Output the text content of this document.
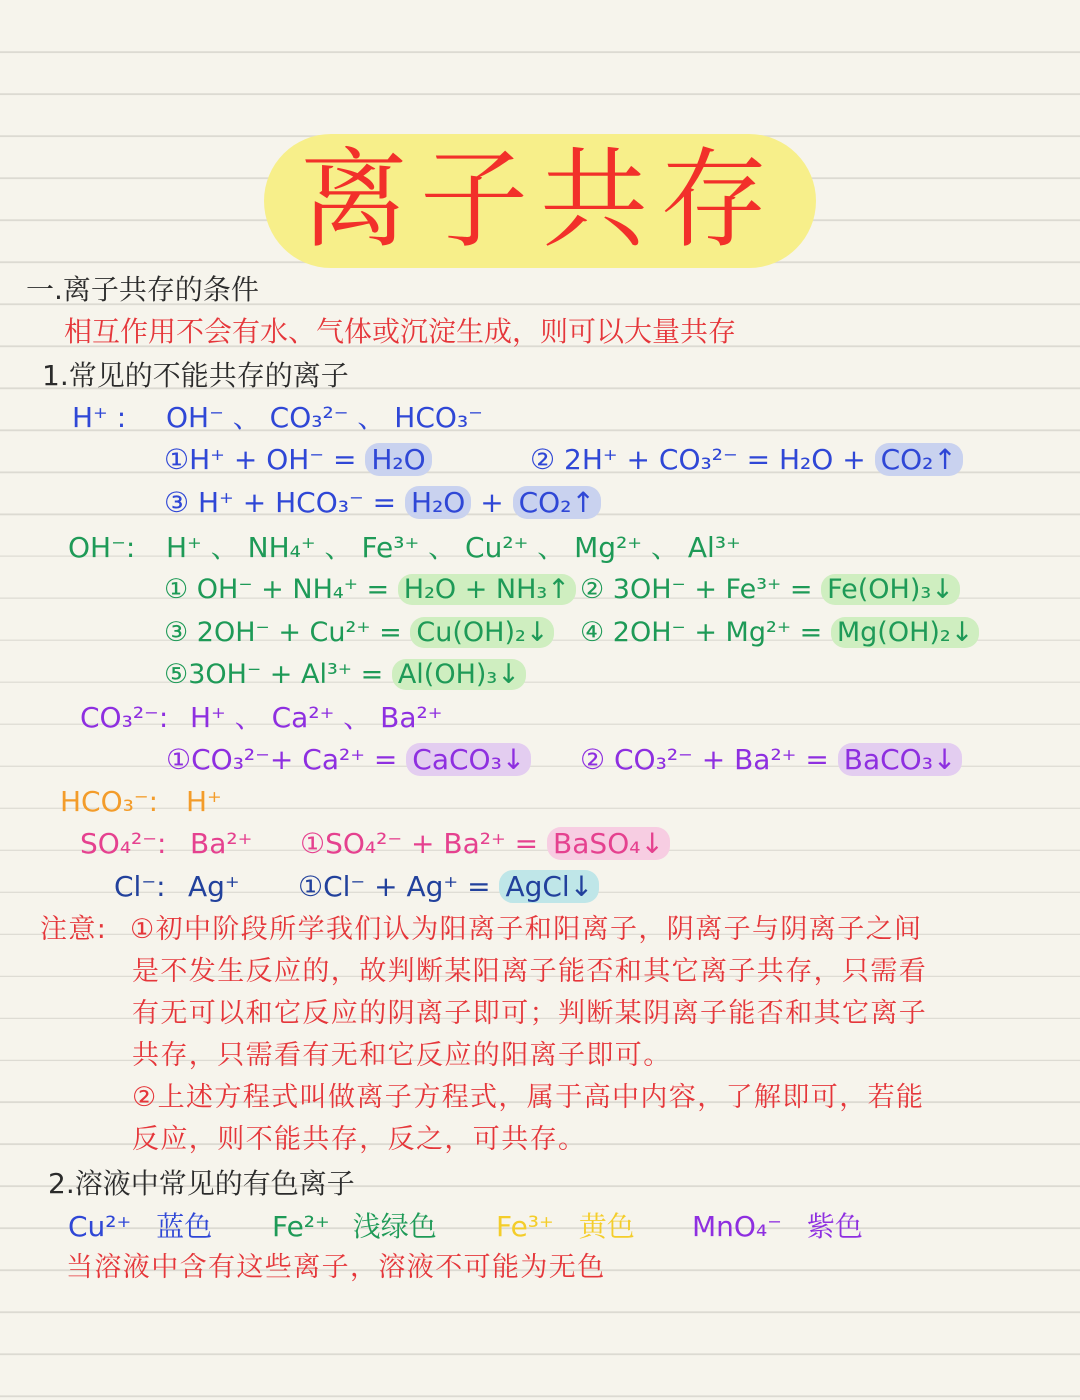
离子共存
一.离子共存的条件
相互作用不会有水、气体或沉淀生成，则可以大量共存
1.常见的不能共存的离子
H⁺ : OH⁻ 、 CO₃²⁻ 、 HCO₃⁻
①H⁺ + OH⁻ = H₂O	② 2H⁺ + CO₃²⁻ = H₂O + CO₂↑
③ H⁺ + HCO₃⁻ = H₂O + CO₂↑
OH⁻: H⁺ 、 NH₄⁺ 、 Fe³⁺ 、 Cu²⁺ 、 Mg²⁺ 、 Al³⁺
① OH⁻ + NH₄⁺ = H₂O + NH₃↑ ② 3OH⁻ + Fe³⁺ = Fe(OH)₃↓
③ 2OH⁻ + Cu²⁺ = Cu(OH)₂↓ ④ 2OH⁻ + Mg²⁺ = Mg(OH)₂↓
⑤3OH⁻ + Al³⁺ = Al(OH)₃↓
CO₃²⁻: H⁺ 、 Ca²⁺ 、 Ba²⁺
①CO₃²⁻+ Ca²⁺ = CaCO₃↓ ② CO₃²⁻ + Ba²⁺ = BaCO₃↓
HCO₃⁻: H⁺
SO₄²⁻: Ba²⁺ ①SO₄²⁻ + Ba²⁺ = BaSO₄↓
Cl⁻: Ag⁺ ①Cl⁻ + Ag⁺ = AgCl↓
注意: ①初中阶段所学我们认为阳离子和阳离子，阴离子与阴离子之间
是不发生反应的，故判断某阳离子能否和其它离子共存，只需看
有无可以和它反应的阴离子即可；判断某阴离子能否和其它离子
共存，只需看有无和它反应的阳离子即可。
②上述方程式叫做离子方程式，属于高中内容，了解即可，若能
反应，则不能共存，反之，可共存。
2.溶液中常见的有色离子
Cu²⁺ 蓝色 Fe²⁺ 浅绿色 Fe³⁺ 黄色 MnO₄⁻ 紫色
当溶液中含有这些离子，溶液不可能为无色
